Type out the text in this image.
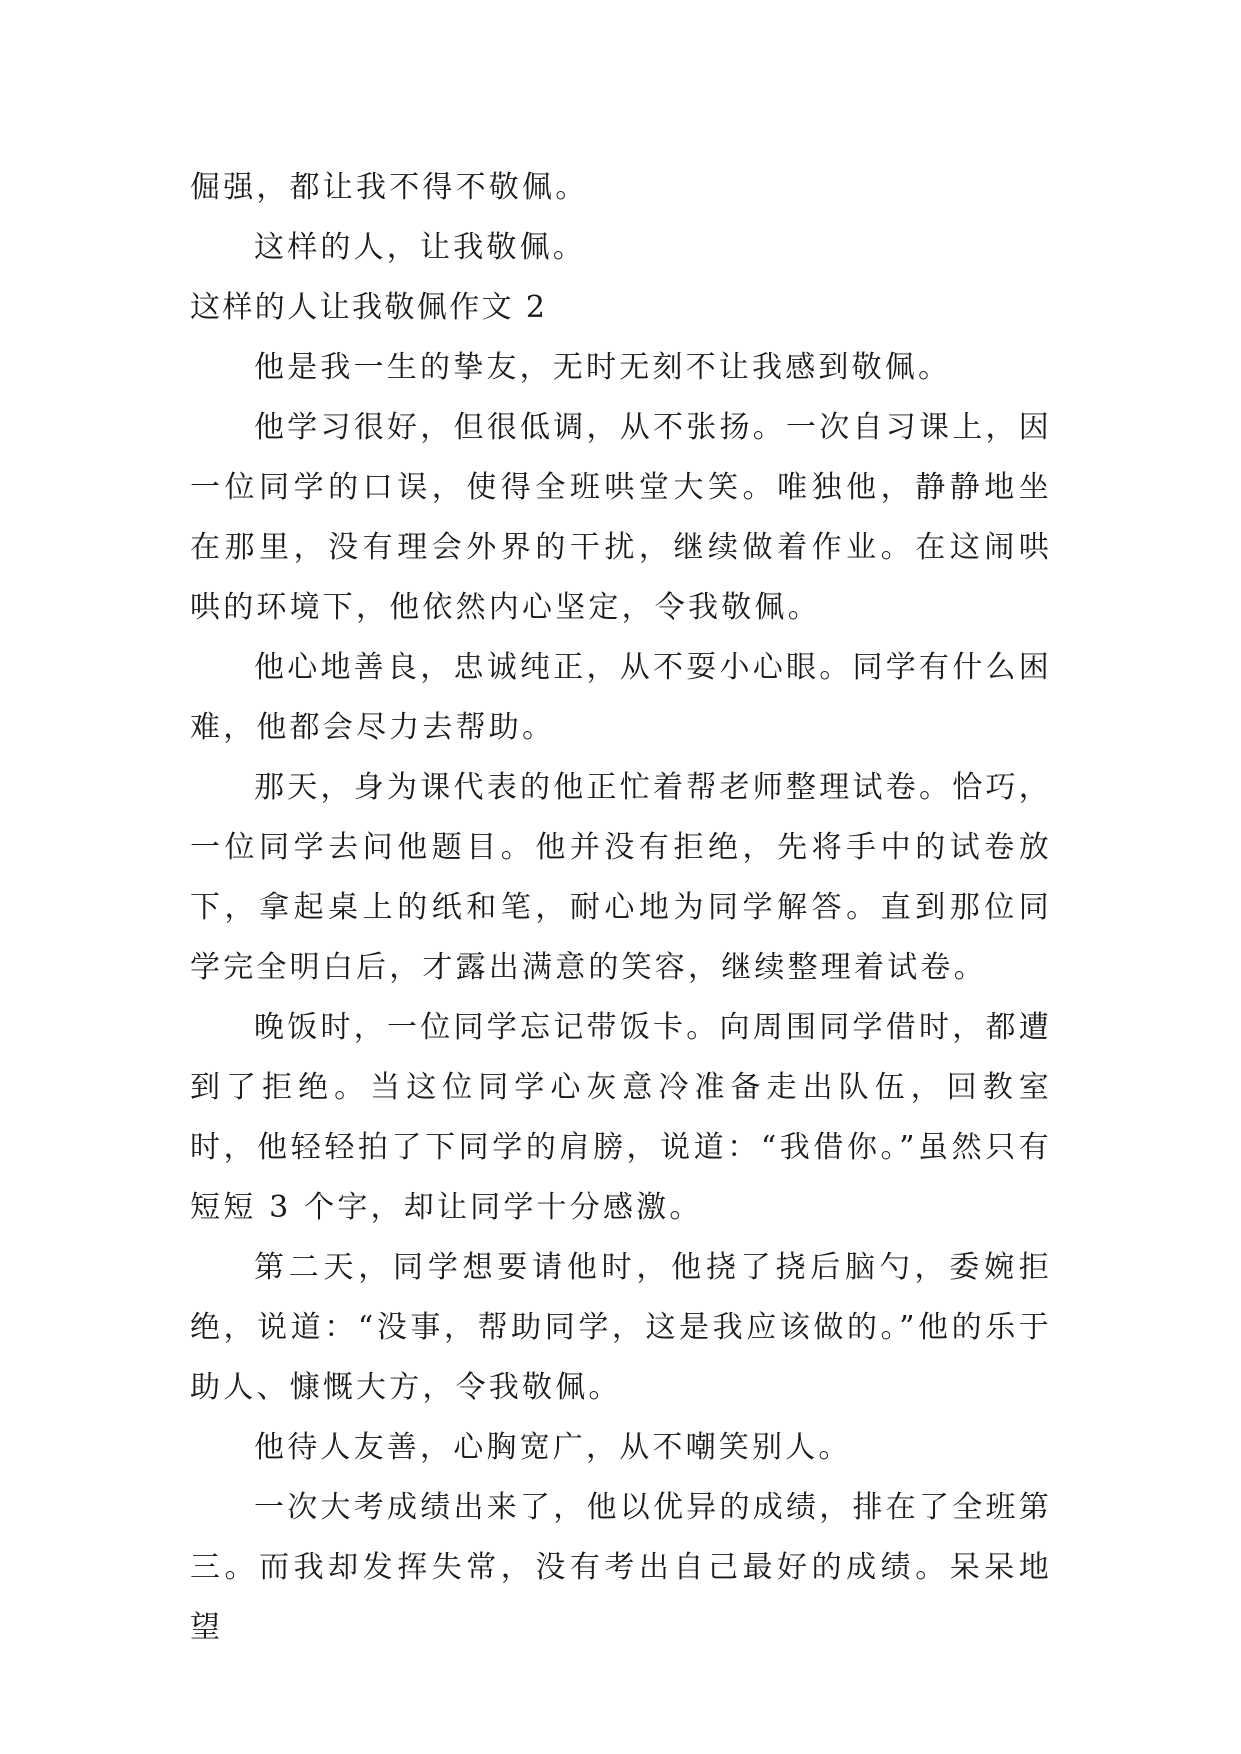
倔强，都让我不得不敬佩。

这样的人，让我敬佩。

这样的人让我敬佩作文 2

他是我一生的挚友，无时无刻不让我感到敬佩。

他学习很好，但很低调，从不张扬。一次自习课上，因一位同学的口误，使得全班哄堂大笑。唯独他，静静地坐在那里，没有理会外界的干扰，继续做着作业。在这闹哄哄的环境下，他依然内心坚定，令我敬佩。

他心地善良，忠诚纯正，从不耍小心眼。同学有什么困难，他都会尽力去帮助。

那天，身为课代表的他正忙着帮老师整理试卷。恰巧，一位同学去问他题目。他并没有拒绝，先将手中的试卷放下，拿起桌上的纸和笔，耐心地为同学解答。直到那位同学完全明白后，才露出满意的笑容，继续整理着试卷。

晚饭时，一位同学忘记带饭卡。向周围同学借时，都遭到了拒绝。当这位同学心灰意冷准备走出队伍，回教室时，他轻轻拍了下同学的肩膀，说道：“我借你。”虽然只有短短 3 个字，却让同学十分感激。

第二天，同学想要请他时，他挠了挠后脑勺，委婉拒绝，说道：“没事，帮助同学，这是我应该做的。”他的乐于助人、慷慨大方，令我敬佩。

他待人友善，心胸宽广，从不嘲笑别人。

一次大考成绩出来了，他以优异的成绩，排在了全班第三。而我却发挥失常，没有考出自己最好的成绩。呆呆地望
